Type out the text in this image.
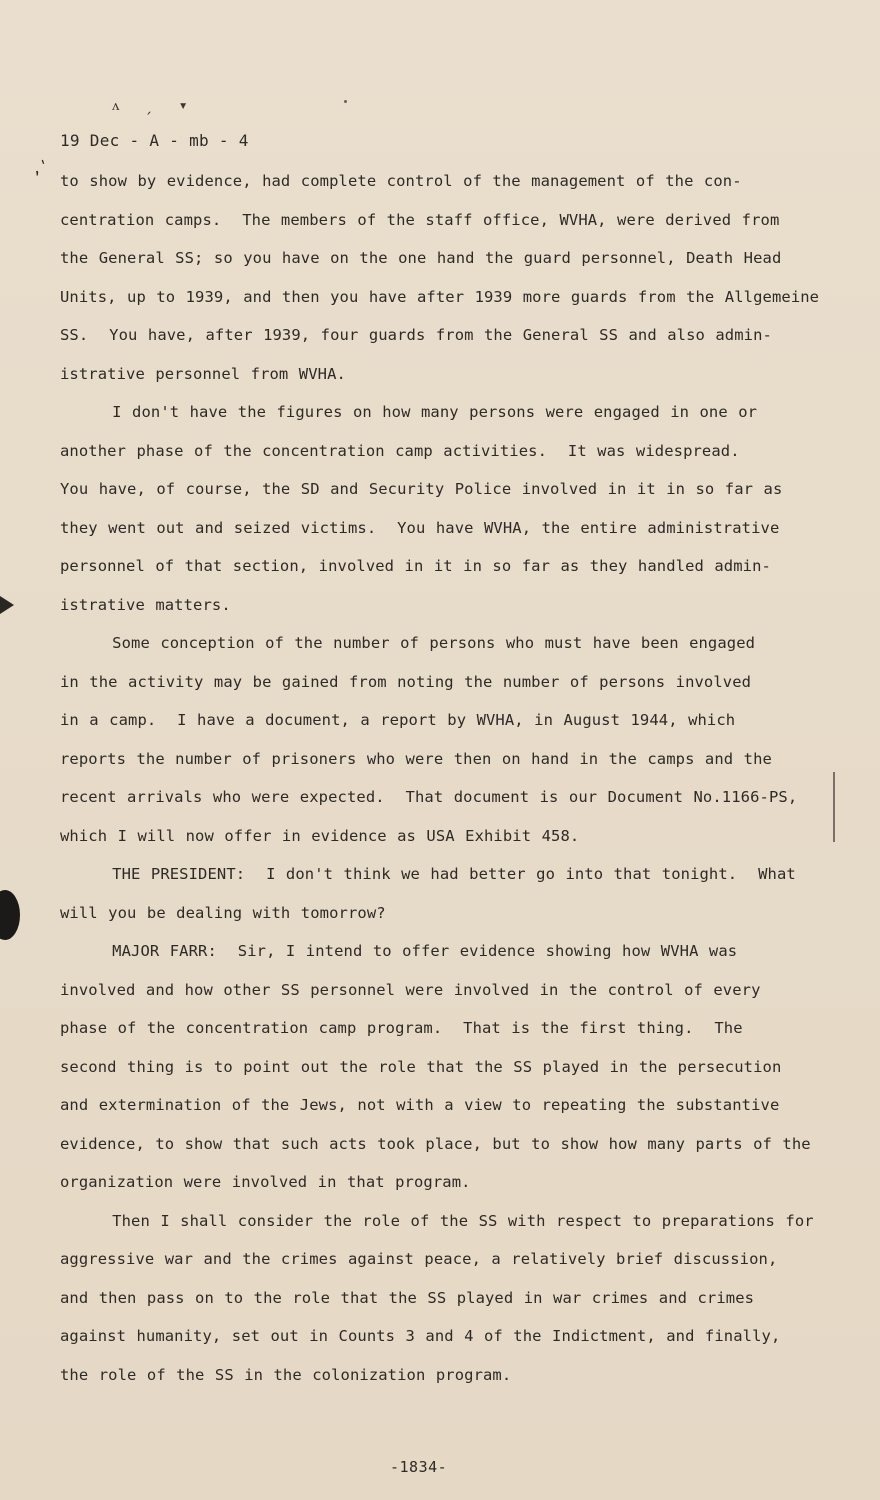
ᴧ ˏ ▾
19 Dec - A - mb - 4
,'
to show by evidence, had complete control of the management of the con-
centration camps.  The members of the staff office, WVHA, were derived from
the General SS; so you have on the one hand the guard personnel, Death Head
Units, up to 1939, and then you have after 1939 more guards from the Allgemeine
SS.  You have, after 1939, four guards from the General SS and also admin-
istrative personnel from WVHA.
I don't have the figures on how many persons were engaged in one or
another phase of the concentration camp activities.  It was widespread.
You have, of course, the SD and Security Police involved in it in so far as
they went out and seized victims.  You have WVHA, the entire administrative
personnel of that section, involved in it in so far as they handled admin-
istrative matters.
Some conception of the number of persons who must have been engaged
in the activity may be gained from noting the number of persons involved
in a camp.  I have a document, a report by WVHA, in August 1944, which
reports the number of prisoners who were then on hand in the camps and the
recent arrivals who were expected.  That document is our Document No.1166-PS,
which I will now offer in evidence as USA Exhibit 458.
THE PRESIDENT:  I don't think we had better go into that tonight.  What
will you be dealing with tomorrow?
MAJOR FARR:  Sir, I intend to offer evidence showing how WVHA was
involved and how other SS personnel were involved in the control of every
phase of the concentration camp program.  That is the first thing.  The
second thing is to point out the role that the SS played in the persecution
and extermination of the Jews, not with a view to repeating the substantive
evidence, to show that such acts took place, but to show how many parts of the
organization were involved in that program.
Then I shall consider the role of the SS with respect to preparations for
aggressive war and the crimes against peace, a relatively brief discussion,
and then pass on to the role that the SS played in war crimes and crimes
against humanity, set out in Counts 3 and 4 of the Indictment, and finally,
the role of the SS in the colonization program.
-1834-
